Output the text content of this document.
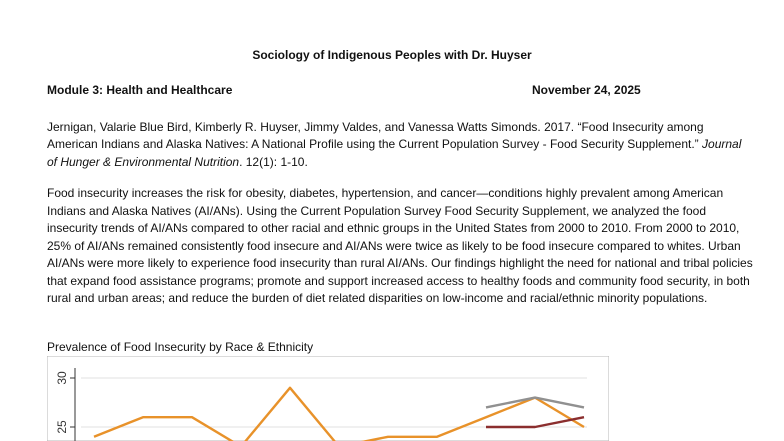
Sociology of Indigenous Peoples with Dr. Huyser
Module 3: Health and Healthcare	November 24, 2025
Jernigan, Valarie Blue Bird, Kimberly R. Huyser, Jimmy Valdes, and Vanessa Watts Simonds. 2017. “Food Insecurity among American Indians and Alaska Natives: A National Profile using the Current Population Survey - Food Security Supplement.” Journal of Hunger & Environmental Nutrition. 12(1): 1-10.
Food insecurity increases the risk for obesity, diabetes, hypertension, and cancer—conditions highly prevalent among American Indians and Alaska Natives (AI/ANs). Using the Current Population Survey Food Security Supplement, we analyzed the food insecurity trends of AI/ANs compared to other racial and ethnic groups in the United States from 2000 to 2010. From 2000 to 2010, 25% of AI/ANs remained consistently food insecure and AI/ANs were twice as likely to be food insecure compared to whites. Urban AI/ANs were more likely to experience food insecurity than rural AI/ANs. Our findings highlight the need for national and tribal policies that expand food assistance programs; promote and support increased access to healthy foods and community food security, in both rural and urban areas; and reduce the burden of diet related disparities on low-income and racial/ethnic minority populations.
Prevalence of Food Insecurity by Race & Ethnicity
30
25
